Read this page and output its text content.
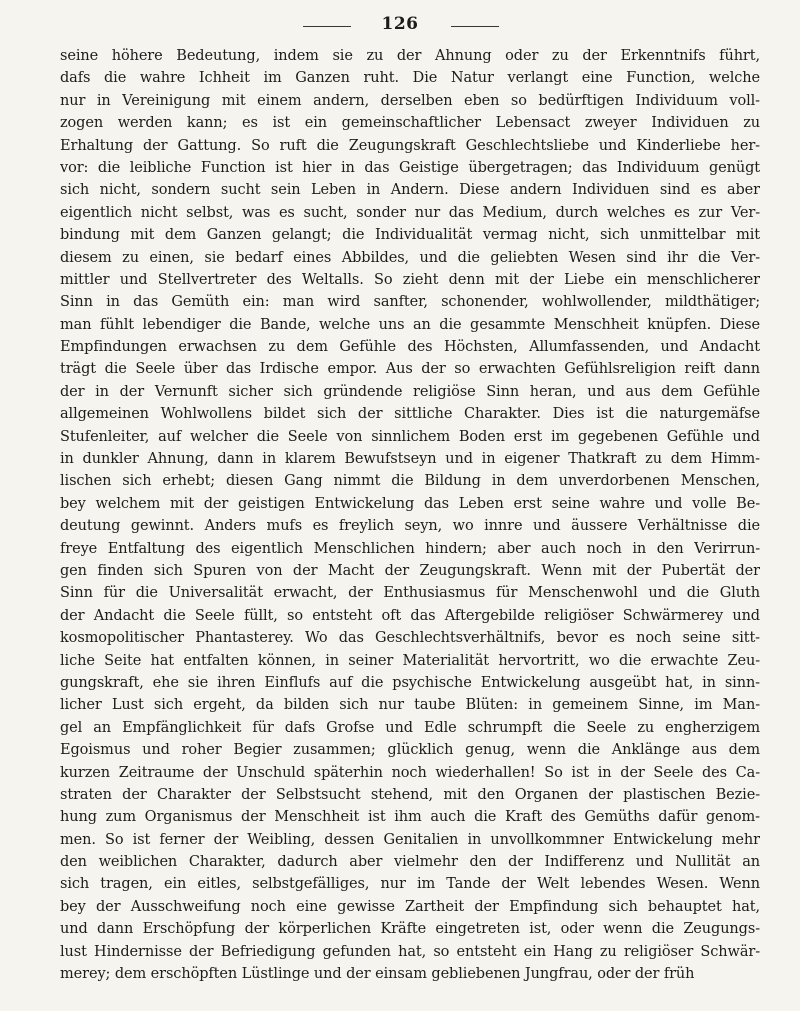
126
seine höhere Bedeutung, indem sie zu der Ahnung oder zu der Erkenntnifs führt,
dafs die wahre Ichheit im Ganzen ruht. Die Natur verlangt eine Function, welche
nur in Vereinigung mit einem andern, derselben eben so bedürftigen Individuum voll-
zogen werden kann; es ist ein gemeinschaftlicher Lebensact zweyer Individuen zu
Erhaltung der Gattung. So ruft die Zeugungskraft Geschlechtsliebe und Kinderliebe her-
vor: die leibliche Function ist hier in das Geistige übergetragen; das Individuum genügt
sich nicht, sondern sucht sein Leben in Andern. Diese andern Individuen sind es aber
eigentlich nicht selbst, was es sucht, sonder nur das Medium, durch welches es zur Ver-
bindung mit dem Ganzen gelangt; die Individualität vermag nicht, sich unmittelbar mit
diesem zu einen, sie bedarf eines Abbildes, und die geliebten Wesen sind ihr die Ver-
mittler und Stellvertreter des Weltalls. So zieht denn mit der Liebe ein menschlicherer
Sinn in das Gemüth ein: man wird sanfter, schonender, wohlwollender, mildthätiger;
man fühlt lebendiger die Bande, welche uns an die gesammte Menschheit knüpfen. Diese
Empfindungen erwachsen zu dem Gefühle des Höchsten, Allumfassenden, und Andacht
trägt die Seele über das Irdische empor. Aus der so erwachten Gefühlsreligion reift dann
der in der Vernunft sicher sich gründende religiöse Sinn heran, und aus dem Gefühle
allgemeinen Wohlwollens bildet sich der sittliche Charakter. Dies ist die naturgemäfse
Stufenleiter, auf welcher die Seele von sinnlichem Boden erst im gegebenen Gefühle und
in dunkler Ahnung, dann in klarem Bewufstseyn und in eigener Thatkraft zu dem Himm-
lischen sich erhebt; diesen Gang nimmt die Bildung in dem unverdorbenen Menschen,
bey welchem mit der geistigen Entwickelung das Leben erst seine wahre und volle Be-
deutung gewinnt. Anders mufs es freylich seyn, wo innre und äussere Verhältnisse die
freye Entfaltung des eigentlich Menschlichen hindern; aber auch noch in den Verirrun-
gen finden sich Spuren von der Macht der Zeugungskraft. Wenn mit der Pubertät der
Sinn für die Universalität erwacht, der Enthusiasmus für Menschenwohl und die Gluth
der Andacht die Seele füllt, so entsteht oft das Aftergebilde religiöser Schwärmerey und
kosmopolitischer Phantasterey. Wo das Geschlechtsverhältnifs, bevor es noch seine sitt-
liche Seite hat entfalten können, in seiner Materialität hervortritt, wo die erwachte Zeu-
gungskraft, ehe sie ihren Einflufs auf die psychische Entwickelung ausgeübt hat, in sinn-
licher Lust sich ergeht, da bilden sich nur taube Blüten: in gemeinem Sinne, im Man-
gel an Empfänglichkeit für dafs Grofse und Edle schrumpft die Seele zu engherzigem
Egoismus und roher Begier zusammen; glücklich genug, wenn die Anklänge aus dem
kurzen Zeitraume der Unschuld späterhin noch wiederhallen! So ist in der Seele des Ca-
straten der Charakter der Selbstsucht stehend, mit den Organen der plastischen Bezie-
hung zum Organismus der Menschheit ist ihm auch die Kraft des Gemüths dafür genom-
men. So ist ferner der Weibling, dessen Genitalien in unvollkommner Entwickelung mehr
den weiblichen Charakter, dadurch aber vielmehr den der Indifferenz und Nullität an
sich tragen, ein eitles, selbstgefälliges, nur im Tande der Welt lebendes Wesen. Wenn
bey der Ausschweifung noch eine gewisse Zartheit der Empfindung sich behauptet hat,
und dann Erschöpfung der körperlichen Kräfte eingetreten ist, oder wenn die Zeugungs-
lust Hindernisse der Befriedigung gefunden hat, so entsteht ein Hang zu religiöser Schwär-
merey; dem erschöpften Lüstlinge und der einsam gebliebenen Jungfrau, oder der früh
